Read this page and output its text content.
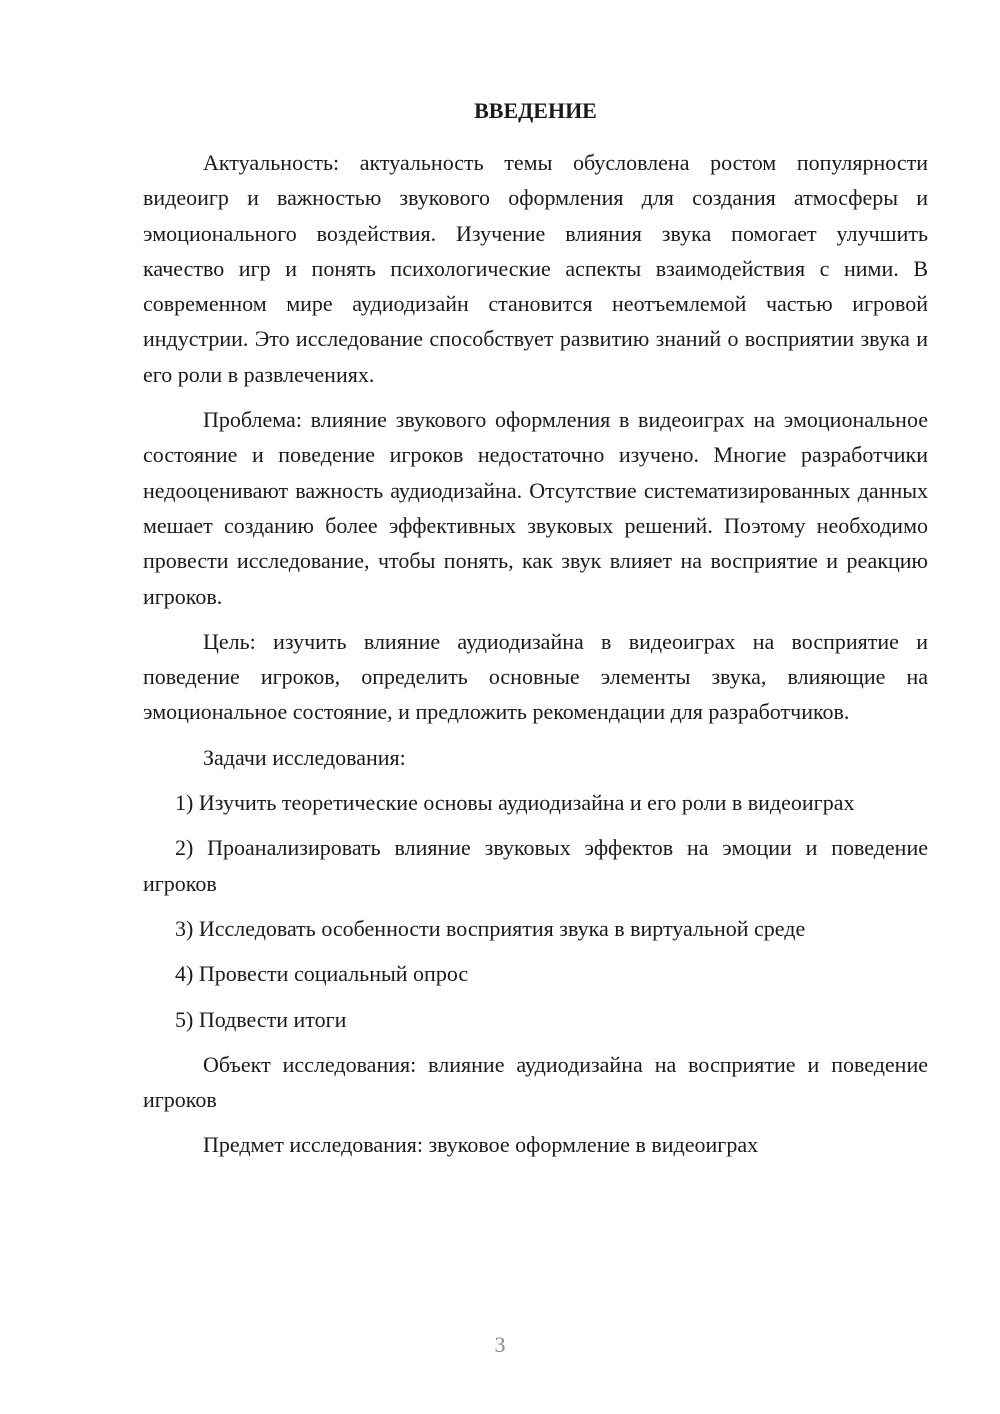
ВВЕДЕНИЕ

Актуальность: актуальность темы обусловлена ростом популярности видеоигр и важностью звукового оформления для создания атмосферы и эмоционального воздействия. Изучение влияния звука помогает улучшить качество игр и понять психологические аспекты взаимодействия с ними. В современном мире аудиодизайн становится неотъемлемой частью игровой индустрии. Это исследование способствует развитию знаний о восприятии звука и его роли в развлечениях.

Проблема: влияние звукового оформления в видеоиграх на эмоциональное состояние и поведение игроков недостаточно изучено. Многие разработчики недооценивают важность аудиодизайна. Отсутствие систематизированных данных мешает созданию более эффективных звуковых решений. Поэтому необходимо провести исследование, чтобы понять, как звук влияет на восприятие и реакцию игроков.

Цель: изучить влияние аудиодизайна в видеоиграх на восприятие и поведение игроков, определить основные элементы звука, влияющие на эмоциональное состояние, и предложить рекомендации для разработчиков.

Задачи исследования:

1) Изучить теоретические основы аудиодизайна и его роли в видеоиграх

2) Проанализировать влияние звуковых эффектов на эмоции и поведение игроков

3) Исследовать особенности восприятия звука в виртуальной среде

4) Провести социальный опрос

5) Подвести итоги

Объект исследования: влияние аудиодизайна на восприятие и поведение игроков

Предмет исследования: звуковое оформление в видеоиграх

3
